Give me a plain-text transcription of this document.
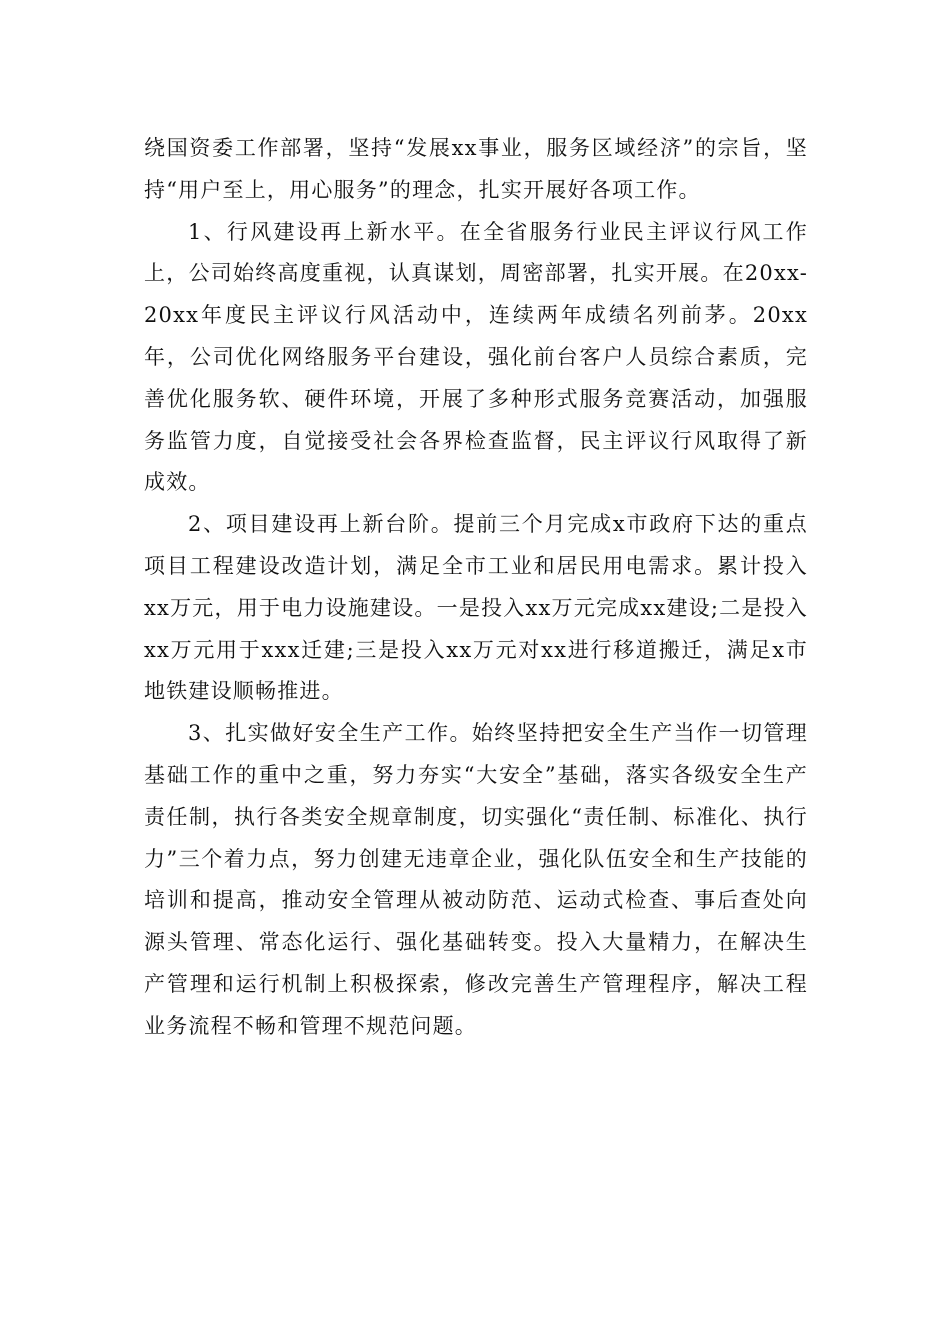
绕国资委工作部署，坚持“发展xx事业，服务区域经济”的宗旨，坚持“用户至上，用心服务”的理念，扎实开展好各项工作。

1、行风建设再上新水平。在全省服务行业民主评议行风工作上，公司始终高度重视，认真谋划，周密部署，扎实开展。在20xx-20xx年度民主评议行风活动中，连续两年成绩名列前茅。20xx年，公司优化网络服务平台建设，强化前台客户人员综合素质，完善优化服务软、硬件环境，开展了多种形式服务竞赛活动，加强服务监管力度，自觉接受社会各界检查监督，民主评议行风取得了新成效。

2、项目建设再上新台阶。提前三个月完成x市政府下达的重点项目工程建设改造计划，满足全市工业和居民用电需求。累计投入xx万元，用于电力设施建设。一是投入xx万元完成xx建设;二是投入xx万元用于xxx迁建;三是投入xx万元对xx进行移道搬迁，满足x市地铁建设顺畅推进。

3、扎实做好安全生产工作。始终坚持把安全生产当作一切管理基础工作的重中之重，努力夯实“大安全”基础，落实各级安全生产责任制，执行各类安全规章制度，切实强化“责任制、标准化、执行力”三个着力点，努力创建无违章企业，强化队伍安全和生产技能的培训和提高，推动安全管理从被动防范、运动式检查、事后查处向源头管理、常态化运行、强化基础转变。投入大量精力，在解决生产管理和运行机制上积极探索，修改完善生产管理程序，解决工程业务流程不畅和管理不规范问题。
